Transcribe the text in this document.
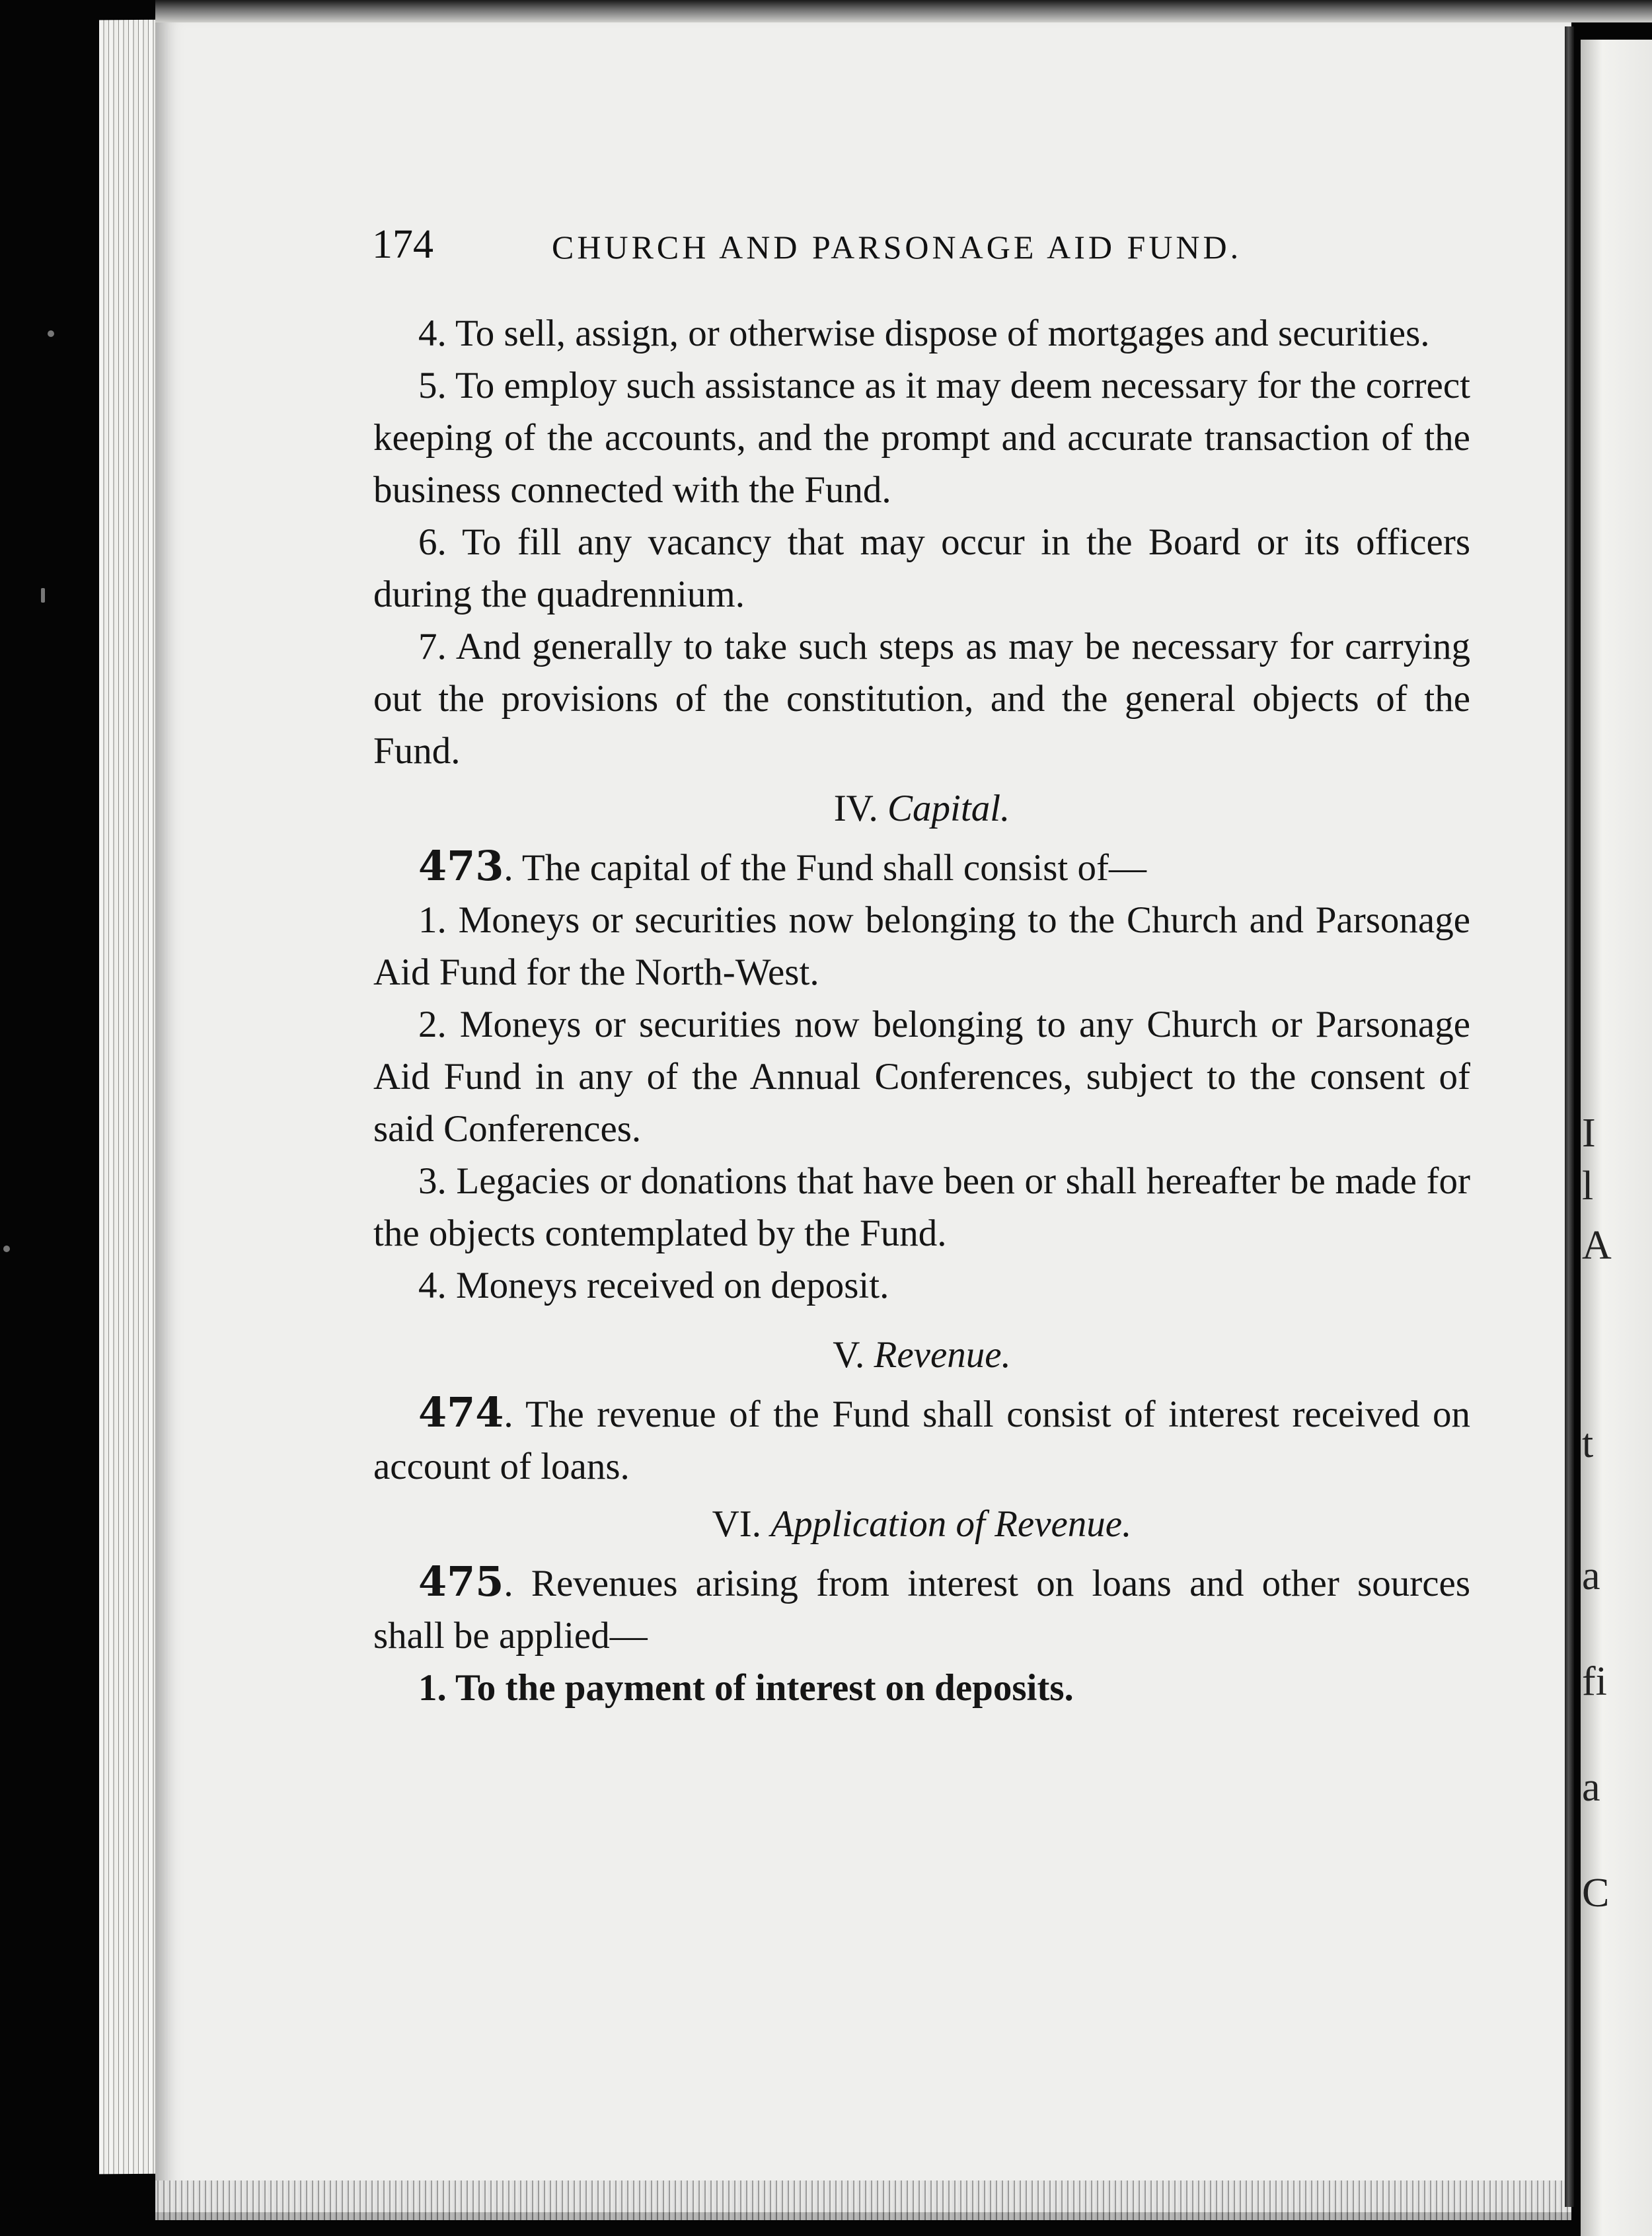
I
l
A
t
a
fi
a
C
174	CHURCH AND PARSONAGE AID FUND.

4. To sell, assign, or otherwise dispose of mortgages and securities.

5. To employ such assistance as it may deem necessary for the correct keeping of the accounts, and the prompt and accurate transaction of the business connected with the Fund.

6. To fill any vacancy that may occur in the Board or its officers during the quadrennium.

7. And generally to take such steps as may be necessary for carrying out the provisions of the constitution, and the general objects of the Fund.

IV. Capital.

473. The capital of the Fund shall consist of—

1. Moneys or securities now belonging to the Church and Parsonage Aid Fund for the North-West.

2. Moneys or securities now belonging to any Church or Parsonage Aid Fund in any of the Annual Conferences, subject to the consent of said Conferences.

3. Legacies or donations that have been or shall hereafter be made for the objects contemplated by the Fund.

4. Moneys received on deposit.

V. Revenue.

474. The revenue of the Fund shall consist of interest received on account of loans.

VI. Application of Revenue.

475. Revenues arising from interest on loans and other sources shall be applied—

1. To the payment of interest on deposits.
